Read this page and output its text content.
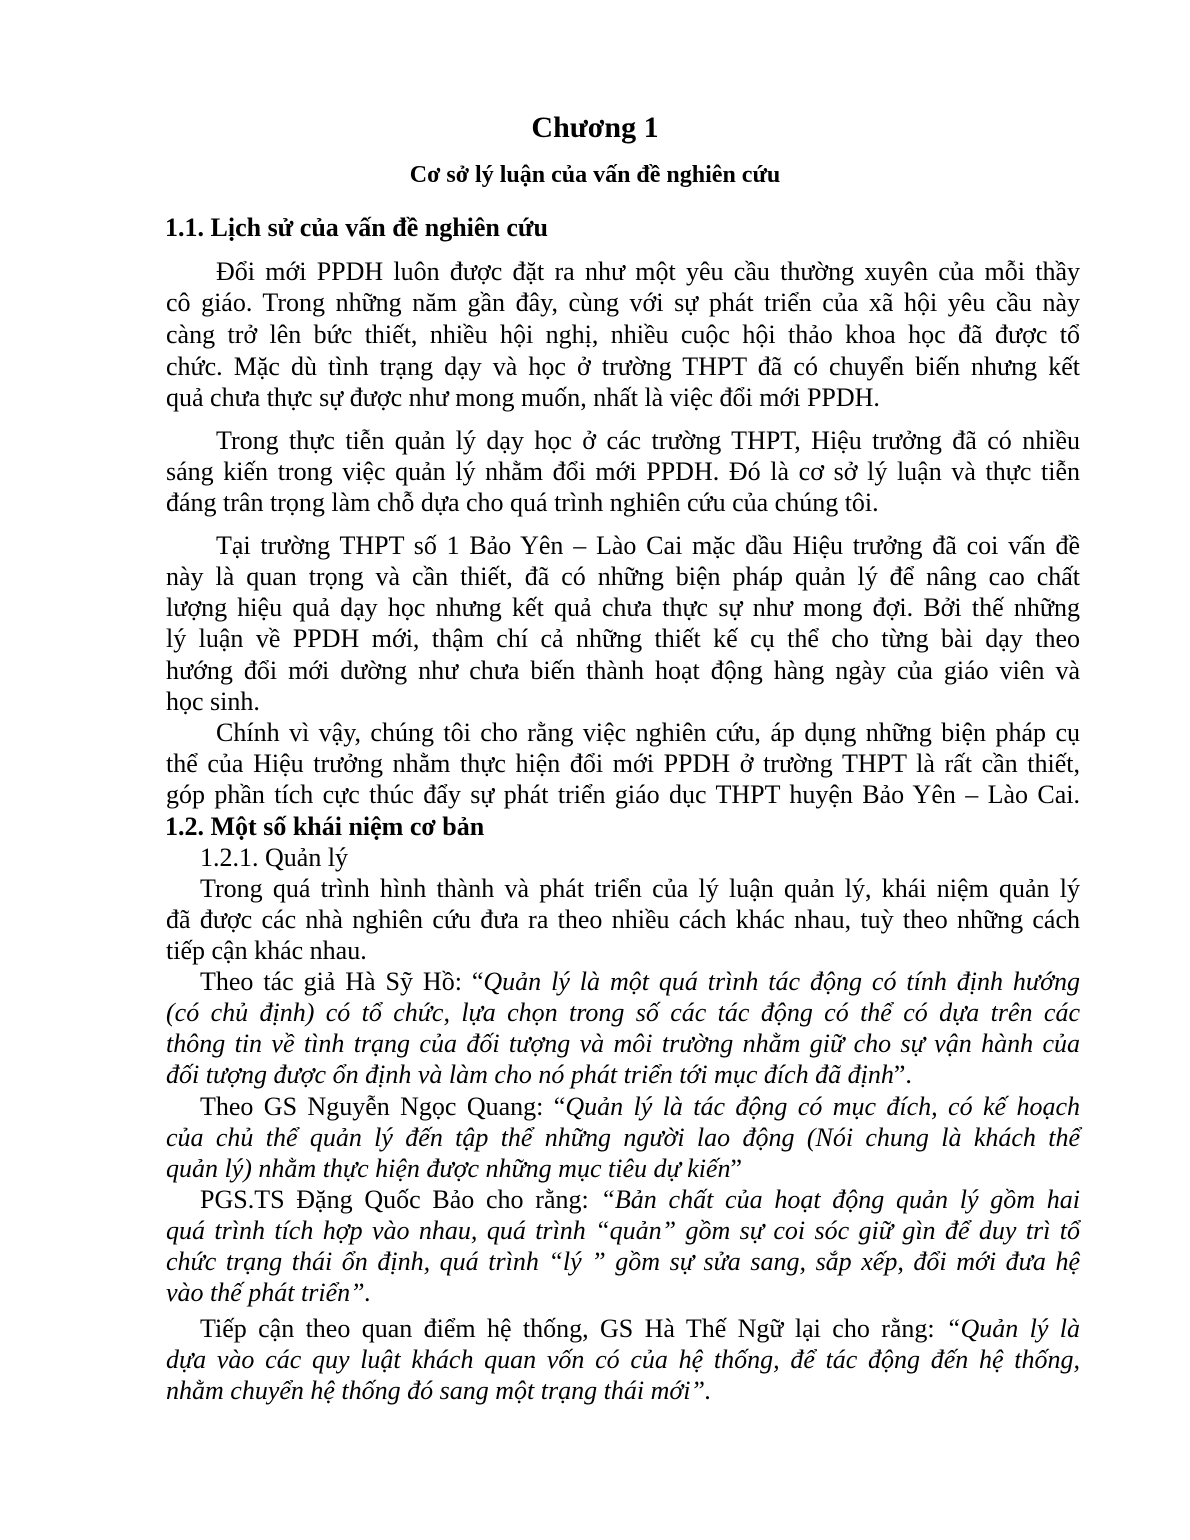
Chương 1
Cơ sở lý luận của vấn đề nghiên cứu
1.1. Lịch sử của vấn đề nghiên cứu
Đổi mới PPDH luôn được đặt ra như một yêu cầu thường xuyên của mỗi thầy
cô giáo. Trong những năm gần đây, cùng với sự phát triển của xã hội yêu cầu này
càng trở lên bức thiết, nhiều hội nghị, nhiều cuộc hội thảo khoa học đã được tổ
chức. Mặc dù tình trạng dạy và học ở trường THPT đã có chuyển biến nhưng kết
quả chưa thực sự được như mong muốn, nhất là việc đổi mới PPDH.
Trong thực tiễn quản lý dạy học ở các trường THPT, Hiệu trưởng đã có nhiều
sáng kiến trong việc quản lý nhằm đổi mới PPDH. Đó là cơ sở lý luận và thực tiễn
đáng trân trọng làm chỗ dựa cho quá trình nghiên cứu của chúng tôi.
Tại trường THPT số 1 Bảo Yên – Lào Cai mặc dầu Hiệu trưởng đã coi vấn đề
này là quan trọng và cần thiết, đã có những biện pháp quản lý để nâng cao chất
lượng hiệu quả dạy học nhưng kết quả chưa thực sự như mong đợi. Bởi thế những
lý luận về PPDH mới, thậm chí cả những thiết kế cụ thể cho từng bài dạy theo
hướng đổi mới dường như chưa biến thành hoạt động hàng ngày của giáo viên và
học sinh.
Chính vì vậy, chúng tôi cho rằng việc nghiên cứu, áp dụng những biện pháp cụ
thể của Hiệu trưởng nhằm thực hiện đổi mới PPDH ở trường THPT là rất cần thiết,
góp phần tích cực thúc đẩy sự phát triển giáo dục THPT huyện Bảo Yên – Lào Cai.
1.2. Một số khái niệm cơ bản
1.2.1. Quản lý
Trong quá trình hình thành và phát triển của lý luận quản lý, khái niệm quản lý
đã được các nhà nghiên cứu đưa ra theo nhiều cách khác nhau, tuỳ theo những cách
tiếp cận khác nhau.
Theo tác giả Hà Sỹ Hồ: “Quản lý là một quá trình tác động có tính định hướng
(có chủ định) có tổ chức, lựa chọn trong số các tác động có thể có dựa trên các
thông tin về tình trạng của đối tượng và môi trường nhằm giữ cho sự vận hành của
đối tượng được ổn định và làm cho nó phát triển tới mục đích đã định”.
Theo GS Nguyễn Ngọc Quang: “Quản lý là tác động có mục đích, có kế hoạch
của chủ thể quản lý đến tập thể những người lao động (Nói chung là khách thể
quản lý) nhằm thực hiện được những mục tiêu dự kiến”
PGS.TS Đặng Quốc Bảo cho rằng: “Bản chất của hoạt động quản lý gồm hai
quá trình tích hợp vào nhau, quá trình “quản” gồm sự coi sóc giữ gìn để duy trì tổ
chức trạng thái ổn định, quá trình “lý ” gồm sự sửa sang, sắp xếp, đổi mới đưa hệ
vào thế phát triển”.
Tiếp cận theo quan điểm hệ thống, GS Hà Thế Ngữ lại cho rằng: “Quản lý là
dựa vào các quy luật khách quan vốn có của hệ thống, để tác động đến hệ thống,
nhằm chuyển hệ thống đó sang một trạng thái mới”.
